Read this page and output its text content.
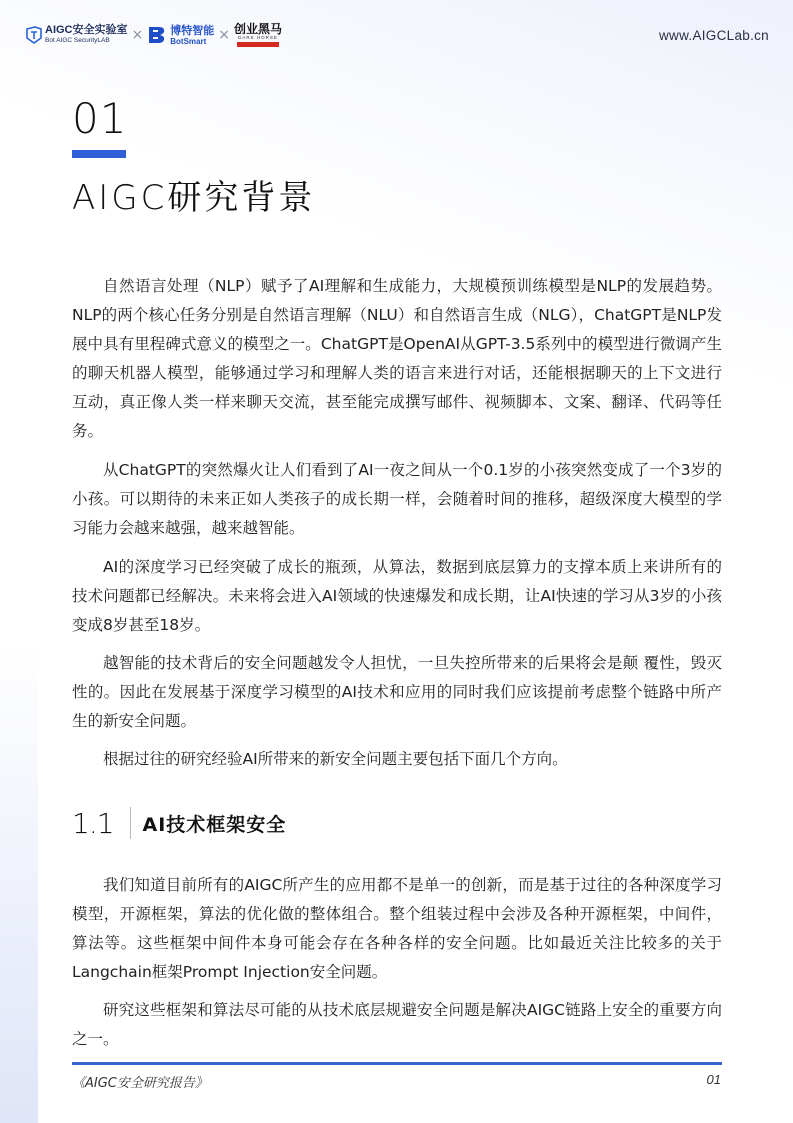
AIGC安全实验室
Bot AIGC SecurityLAB	× 博特智能
BotSmart × 创业黑马
DARK HORSE	www.AIGCLab.cn
01
AIGC研究背景

自然语言处理（NLP）赋予了AI理解和生成能力，大规模预训练模型是NLP的发展趋势。NLP的两个核心任务分别是自然语言理解（NLU）和自然语言生成（NLG），ChatGPT是NLP发展中具有里程碑式意义的模型之一。ChatGPT是OpenAI从GPT-3.5系列中的模型进行微调产生的聊天机器人模型，能够通过学习和理解人类的语言来进行对话，还能根据聊天的上下文进行互动，真正像人类一样来聊天交流，甚至能完成撰写邮件、视频脚本、文案、翻译、代码等任务。

从ChatGPT的突然爆火让人们看到了AI一夜之间从一个0.1岁的小孩突然变成了一个3岁的小孩。可以期待的未来正如人类孩子的成长期一样，会随着时间的推移，超级深度大模型的学习能力会越来越强，越来越智能。

AI的深度学习已经突破了成长的瓶颈，从算法，数据到底层算力的支撑本质上来讲所有的技术问题都已经解决。未来将会进入AI领域的快速爆发和成长期，让AI快速的学习从3岁的小孩变成8岁甚至18岁。

越智能的技术背后的安全问题越发令人担忧，一旦失控所带来的后果将会是颠 覆性，毁灭性的。因此在发展基于深度学习模型的AI技术和应用的同时我们应该提前考虑整个链路中所产生的新安全问题。

根据过往的研究经验AI所带来的新安全问题主要包括下面几个方向。

1.1 AI技术框架安全

我们知道目前所有的AIGC所产生的应用都不是单一的创新，而是基于过往的各种深度学习模型，开源框架，算法的优化做的整体组合。整个组装过程中会涉及各种开源框架，中间件，算法等。这些框架中间件本身可能会存在各种各样的安全问题。比如最近关注比较多的关于Langchain框架Prompt Injection安全问题。

研究这些框架和算法尽可能的从技术底层规避安全问题是解决AIGC链路上安全的重要方向之一。

《AIGC安全研究报告》	01
